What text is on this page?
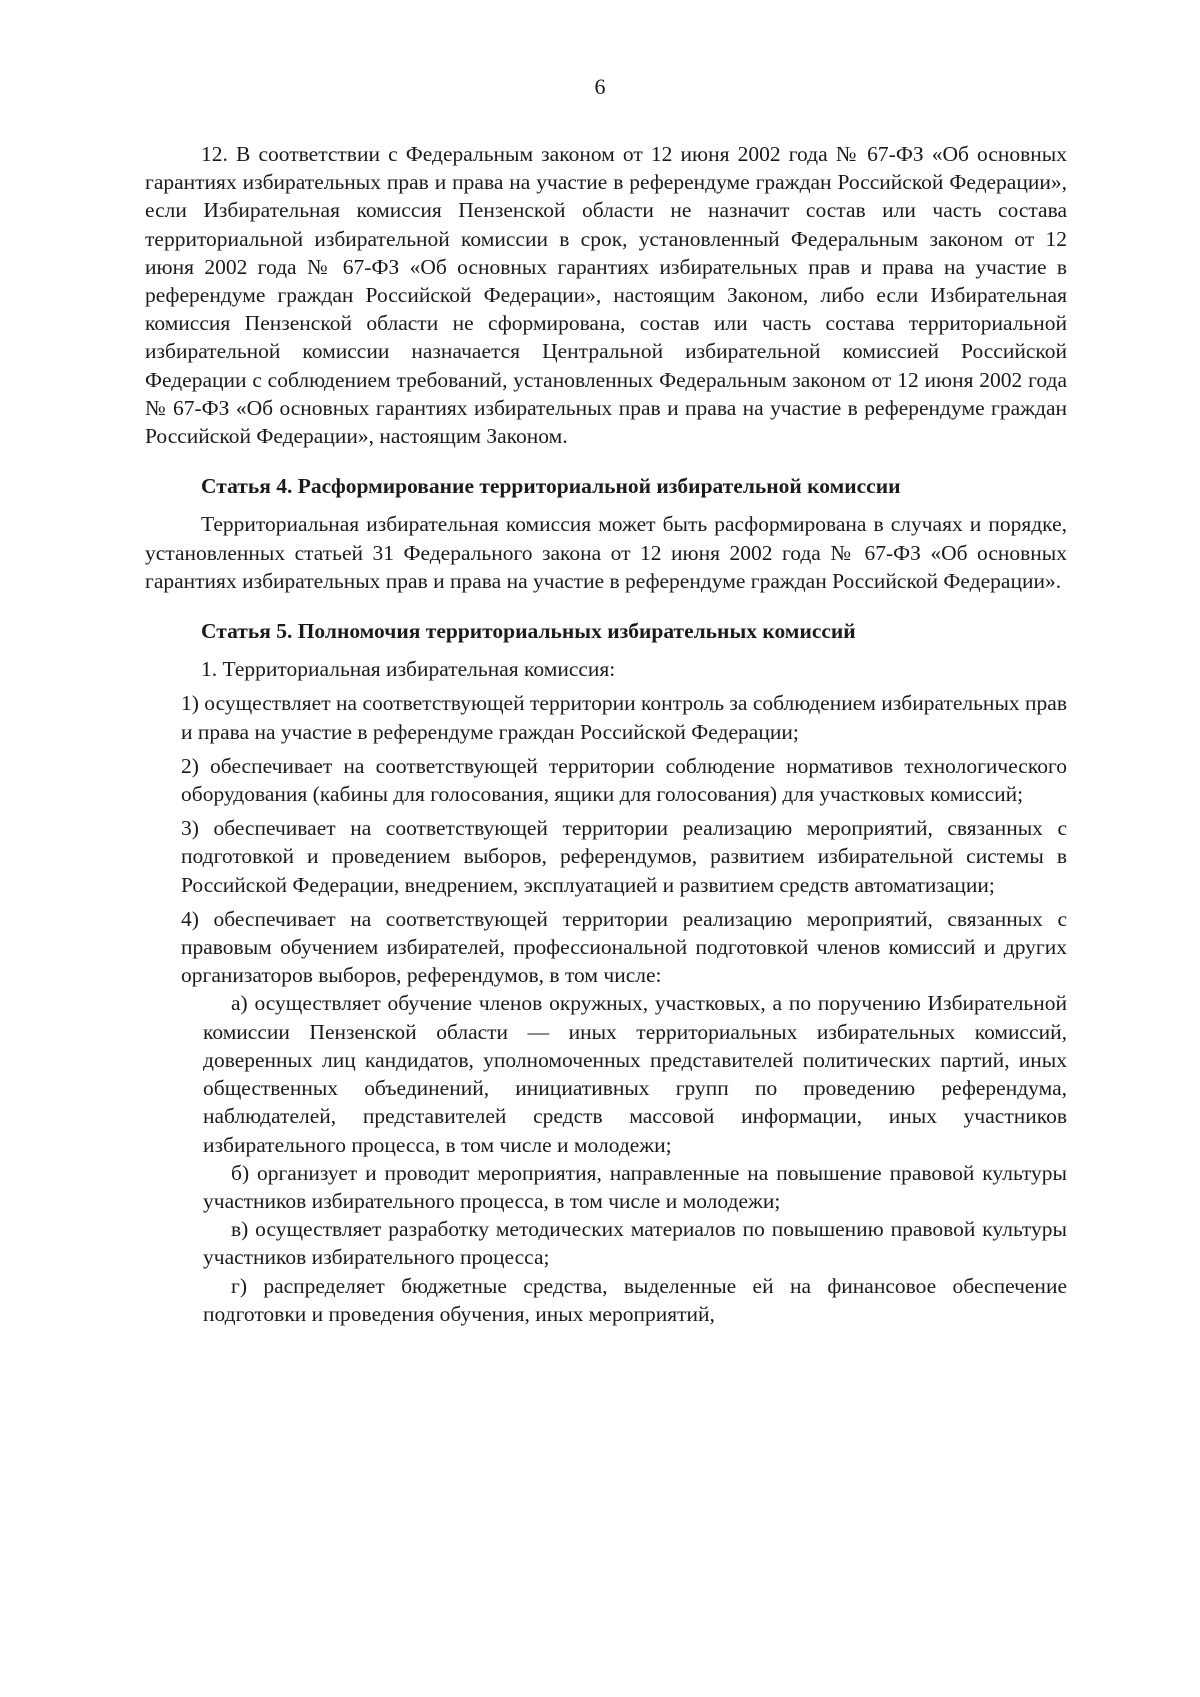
6

12. В соответствии с Федеральным законом от 12 июня 2002 года № 67-ФЗ «Об основных гарантиях избирательных прав и права на участие в референдуме граждан Российской Федерации», если Избирательная комиссия Пензенской области не назначит состав или часть состава территориальной избирательной комиссии в срок, установленный Федеральным законом от 12 июня 2002 года № 67-ФЗ «Об основных гарантиях избирательных прав и права на участие в референдуме граждан Российской Федерации», настоящим Законом, либо если Избирательная комиссия Пензенской области не сформирована, состав или часть состава территориальной избирательной комиссии назначается Центральной избирательной комиссией Российской Федерации с соблюдением требований, установленных Федеральным законом от 12 июня 2002 года № 67-ФЗ «Об основных гарантиях избирательных прав и права на участие в референдуме граждан Российской Федерации», настоящим Законом.

Статья 4. Расформирование территориальной избирательной комиссии

Территориальная избирательная комиссия может быть расформирована в случаях и порядке, установленных статьей 31 Федерального закона от 12 июня 2002 года № 67-ФЗ «Об основных гарантиях избирательных прав и права на участие в референдуме граждан Российской Федерации».

Статья 5. Полномочия территориальных избирательных комиссий

1. Территориальная избирательная комиссия:

1) осуществляет на соответствующей территории контроль за соблюдением избирательных прав и права на участие в референдуме граждан Российской Федерации;

2) обеспечивает на соответствующей территории соблюдение нормативов технологического оборудования (кабины для голосования, ящики для голосования) для участковых комиссий;

3) обеспечивает на соответствующей территории реализацию мероприятий, связанных с подготовкой и проведением выборов, референдумов, развитием избирательной системы в Российской Федерации, внедрением, эксплуатацией и развитием средств автоматизации;

4) обеспечивает на соответствующей территории реализацию мероприятий, связанных с правовым обучением избирателей, профессиональной подготовкой членов комиссий и других организаторов выборов, референдумов, в том числе:

а) осуществляет обучение членов окружных, участковых, а по поручению Избирательной комиссии Пензенской области — иных территориальных избирательных комиссий, доверенных лиц кандидатов, уполномоченных представителей политических партий, иных общественных объединений, инициативных групп по проведению референдума, наблюдателей, представителей средств массовой информации, иных участников избирательного процесса, в том числе и молодежи;

б) организует и проводит мероприятия, направленные на повышение правовой культуры участников избирательного процесса, в том числе и молодежи;

в) осуществляет разработку методических материалов по повышению правовой культуры участников избирательного процесса;

г) распределяет бюджетные средства, выделенные ей на финансовое обеспечение подготовки и проведения обучения, иных мероприятий,
